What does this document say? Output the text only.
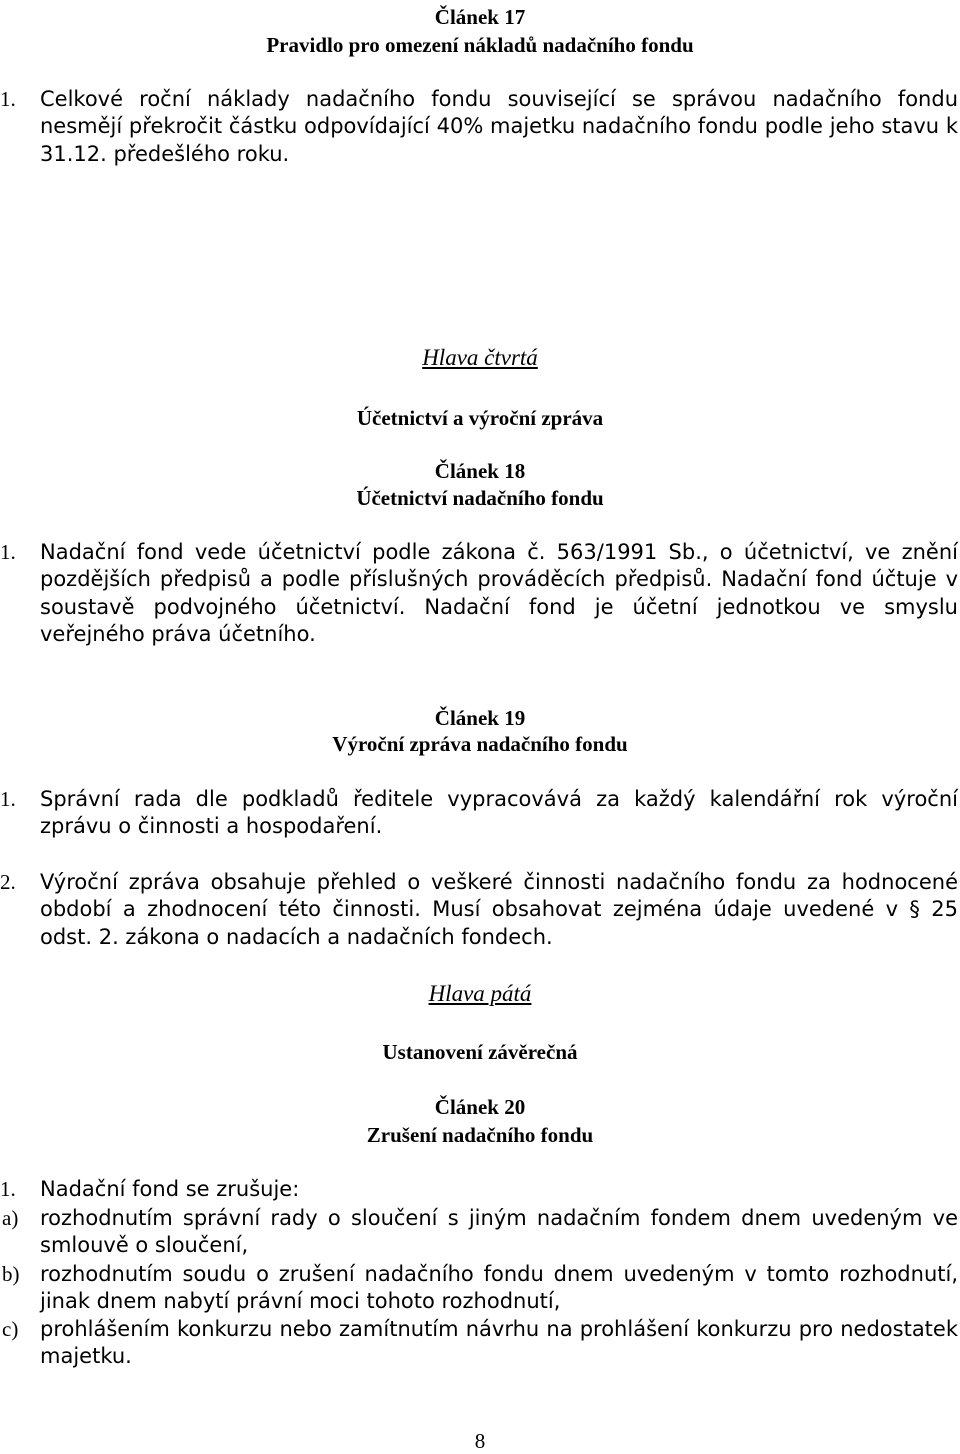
Článek 17
Pravidlo pro omezení nákladů nadačního fondu
1. Celkové roční náklady nadačního fondu související se správou nadačního fondu nesmějí překročit částku odpovídající 40% majetku nadačního fondu podle jeho stavu k 31.12. předešlého roku.
Hlava čtvrtá
Účetnictví a výroční zpráva
Článek 18
Účetnictví nadačního fondu
1. Nadační fond vede účetnictví podle zákona č. 563/1991 Sb., o účetnictví, ve znění pozdějších předpisů a podle příslušných prováděcích předpisů. Nadační fond účtuje v soustavě podvojného účetnictví. Nadační fond je účetní jednotkou ve smyslu veřejného práva účetního.
Článek 19
Výroční zpráva nadačního fondu
1. Správní rada dle podkladů ředitele vypracovává za každý kalendářní rok výroční zprávu o činnosti a hospodaření.
2. Výroční zpráva obsahuje přehled o veškeré činnosti nadačního fondu za hodnocené období a zhodnocení této činnosti. Musí obsahovat zejména údaje uvedené v § 25 odst. 2. zákona o nadacích a nadačních fondech.
Hlava pátá
Ustanovení závěrečná
Článek 20
Zrušení nadačního fondu
1. Nadační fond se zrušuje:
a) rozhodnutím správní rady o sloučení s jiným nadačním fondem dnem uvedeným ve smlouvě o sloučení,
b) rozhodnutím soudu o zrušení nadačního fondu dnem uvedeným v tomto rozhodnutí, jinak dnem nabytí právní moci tohoto rozhodnutí,
c) prohlášením konkurzu nebo zamítnutím návrhu na prohlášení konkurzu pro nedostatek majetku.
8
